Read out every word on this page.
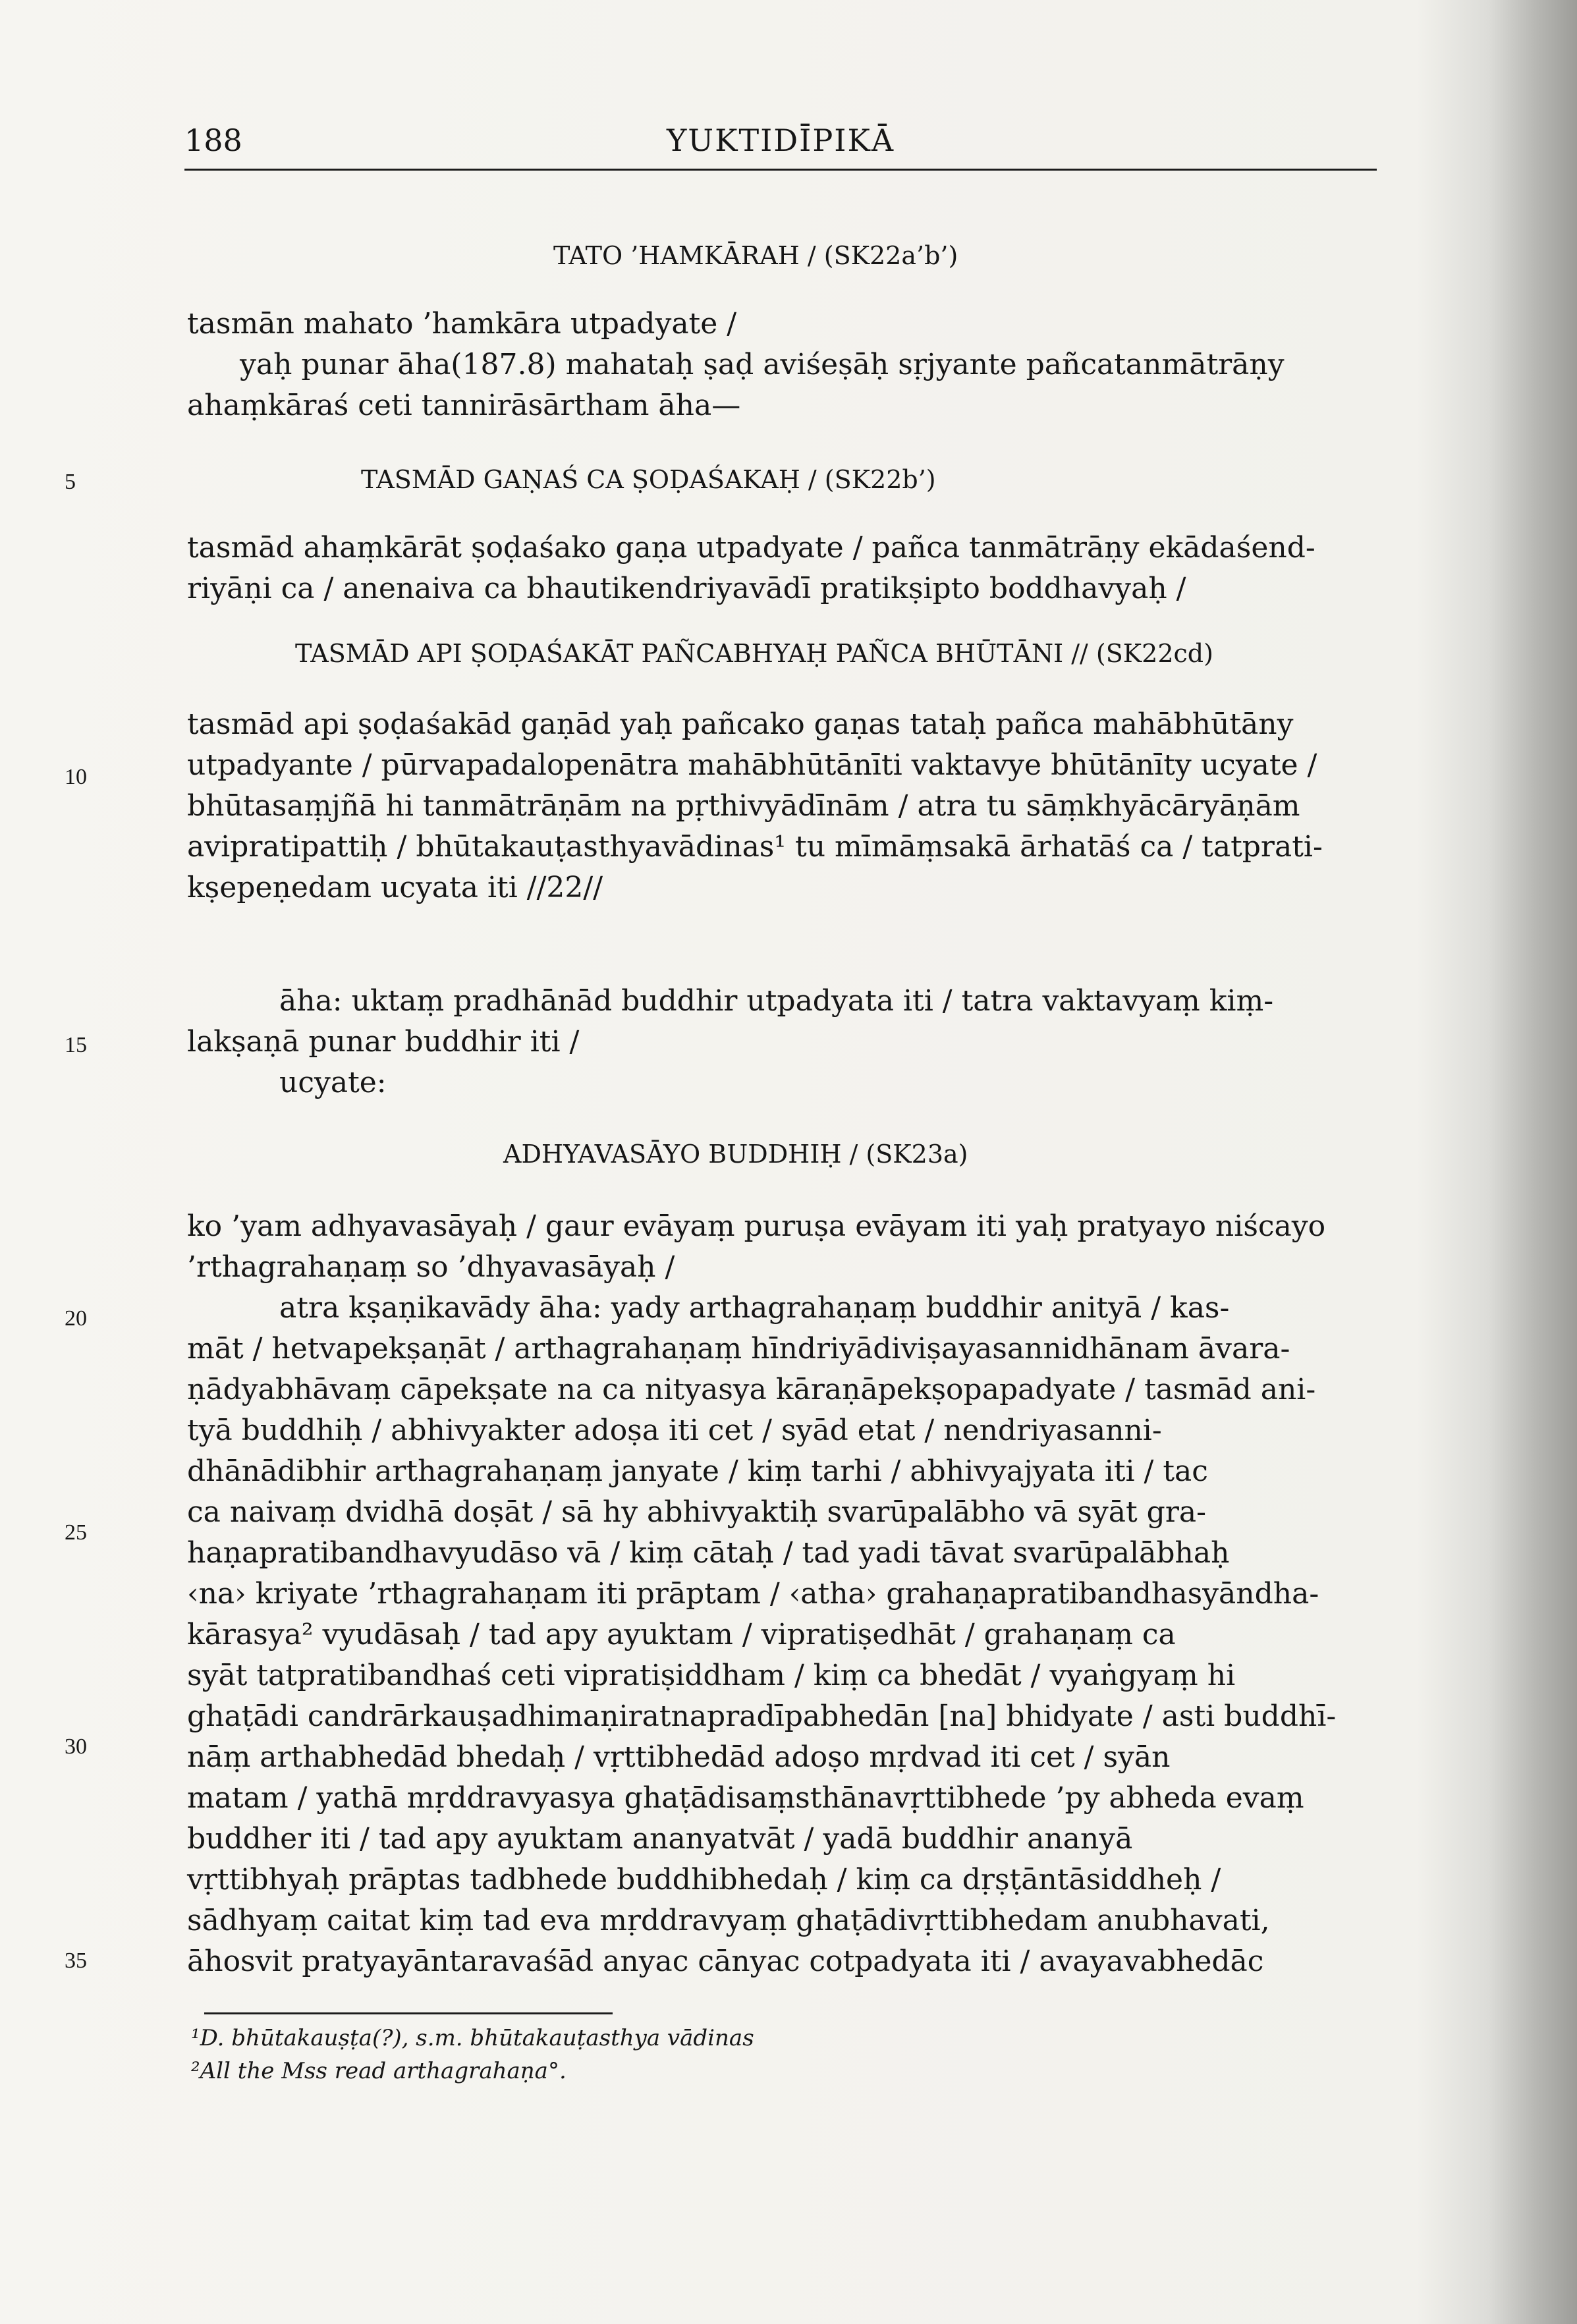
188	YUKTIDĪPIKĀ
5
10
15
20
25
30
35
TATO ’HAMKĀRAH / (SK22a’b’)
tasmān mahato ’hamkāra utpadyate /
yaḥ punar āha(187.8) mahataḥ ṣaḍ aviśeṣāḥ sṛjyante pañcatanmātrāṇy
ahaṃkāraś ceti tannirāsārtham āha—
TASMĀD GAṆAŚ CA ṢOḌAŚAKAḤ / (SK22b’)
tasmād ahaṃkārāt ṣoḍaśako gaṇa utpadyate / pañca tanmātrāṇy ekādaśend-
riyāṇi ca / anenaiva ca bhautikendriyavādī pratikṣipto boddhavyaḥ /
TASMĀD API ṢOḌAŚAKĀT PAÑCABHYAḤ PAÑCA BHŪTĀNI // (SK22cd)
tasmād api ṣoḍaśakād gaṇād yaḥ pañcako gaṇas tataḥ pañca mahābhūtāny
utpadyante / pūrvapadalopenātra mahābhūtānīti vaktavye bhūtānīty ucyate /
bhūtasaṃjñā hi tanmātrāṇām na pṛthivyādīnām / atra tu sāṃkhyācāryāṇām
avipratipattiḥ / bhūtakauṭasthyavādinas¹ tu mīmāṃsakā ārhatāś ca / tatprati-
kṣepeṇedam ucyata iti //22//
āha: uktaṃ pradhānād buddhir utpadyata iti / tatra vaktavyaṃ kiṃ-
lakṣaṇā punar buddhir iti /
ucyate:
ADHYAVASĀYO BUDDHIḤ / (SK23a)
ko ’yam adhyavasāyaḥ / gaur evāyaṃ puruṣa evāyam iti yaḥ pratyayo niścayo
’rthagrahaṇaṃ so ’dhyavasāyaḥ /
atra kṣaṇikavādy āha: yady arthagrahaṇaṃ buddhir anityā / kas-
māt / hetvapekṣaṇāt / arthagrahaṇaṃ hīndriyādiviṣayasannidhānam āvara-
ṇādyabhāvaṃ cāpekṣate na ca nityasya kāraṇāpekṣopapadyate / tasmād ani-
tyā buddhiḥ / abhivyakter adoṣa iti cet / syād etat / nendriyasanni-
dhānādibhir arthagrahaṇaṃ janyate / kiṃ tarhi / abhivyajyata iti / tac
ca naivaṃ dvidhā doṣāt / sā hy abhivyaktiḥ svarūpalābho vā syāt gra-
haṇapratibandhavyudāso vā / kiṃ cātaḥ / tad yadi tāvat svarūpalābhaḥ
‹na› kriyate ’rthagrahaṇam iti prāptam / ‹atha› grahaṇapratibandhasyāndha-
kārasya² vyudāsaḥ / tad apy ayuktam / vipratiṣedhāt / grahaṇaṃ ca
syāt tatpratibandhaś ceti vipratiṣiddham / kiṃ ca bhedāt / vyaṅgyaṃ hi
ghaṭādi candrārkauṣadhimaṇiratnapradīpabhedān [na] bhidyate / asti buddhī-
nāṃ arthabhedād bhedaḥ / vṛttibhedād adoṣo mṛdvad iti cet / syān
matam / yathā mṛddravyasya ghaṭādisaṃsthānavṛttibhede ’py abheda evaṃ
buddher iti / tad apy ayuktam ananyatvāt / yadā buddhir ananyā
vṛttibhyaḥ prāptas tadbhede buddhibhedaḥ / kiṃ ca dṛṣṭāntāsiddheḥ /
sādhyaṃ caitat kiṃ tad eva mṛddravyaṃ ghaṭādivṛttibhedam anubhavati,
āhosvit pratyayāntaravaśād anyac cānyac cotpadyata iti / avayavabhedāc
¹D. bhūtakauṣṭa(?), s.m. bhūtakauṭasthya vādinas
²All the Mss read arthagrahaṇa°.
